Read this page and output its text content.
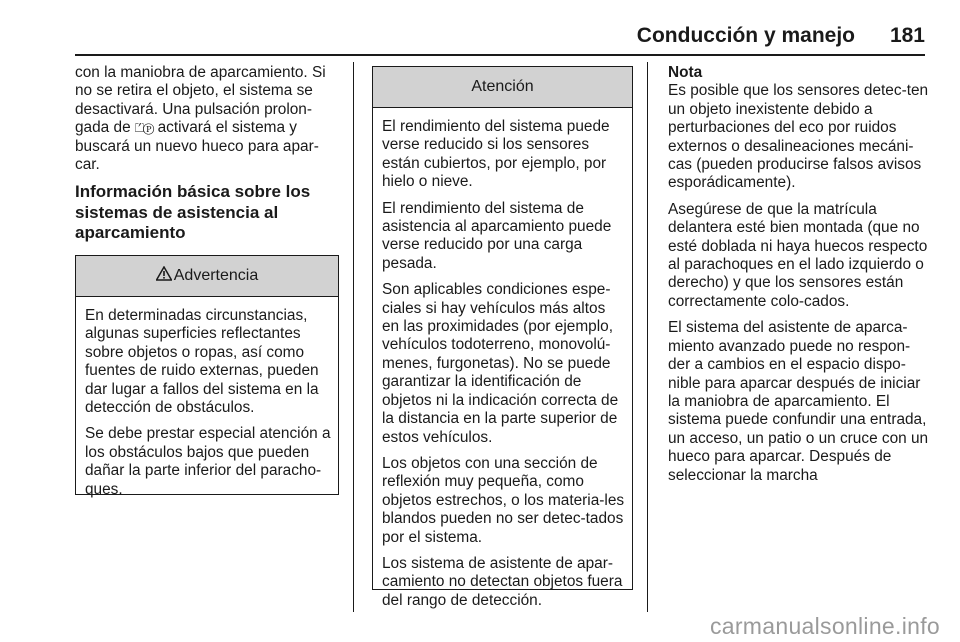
Conducción y manejo 181

con la maniobra de aparcamiento. Si no se retira el objeto, el sistema se desactivará. Una pulsación prolon-gada de ⏍Ⓟ activará el sistema y buscará un nuevo hueco para apar-car.

Información básica sobre los sistemas de asistencia al aparcamiento
Advertencia

En determinadas circunstancias, algunas superficies reflectantes sobre objetos o ropas, así como fuentes de ruido externas, pueden dar lugar a fallos del sistema en la detección de obstáculos.

Se debe prestar especial atención a los obstáculos bajos que pueden dañar la parte inferior del paracho-ques.

Atención

El rendimiento del sistema puede verse reducido si los sensores están cubiertos, por ejemplo, por hielo o nieve.

El rendimiento del sistema de asistencia al aparcamiento puede verse reducido por una carga pesada.

Son aplicables condiciones espe-ciales si hay vehículos más altos en las proximidades (por ejemplo, vehículos todoterreno, monovolú-menes, furgonetas). No se puede garantizar la identificación de objetos ni la indicación correcta de la distancia en la parte superior de estos vehículos.

Los objetos con una sección de reflexión muy pequeña, como objetos estrechos, o los materia-les blandos pueden no ser detec-tados por el sistema.

Los sistema de asistente de apar-camiento no detectan objetos fuera del rango de detección.

Nota

Es posible que los sensores detec-ten un objeto inexistente debido a perturbaciones del eco por ruidos externos o desalineaciones mecáni-cas (pueden producirse falsos avisos esporádicamente).

Asegúrese de que la matrícula delantera esté bien montada (que no esté doblada ni haya huecos respecto al parachoques en el lado izquierdo o derecho) y que los sensores están correctamente colo-cados.

El sistema del asistente de aparca-miento avanzado puede no respon-der a cambios en el espacio dispo-nible para aparcar después de iniciar la maniobra de aparcamiento. El sistema puede confundir una entrada, un acceso, un patio o un cruce con un hueco para aparcar. Después de seleccionar la marcha

carmanualsonline.info
